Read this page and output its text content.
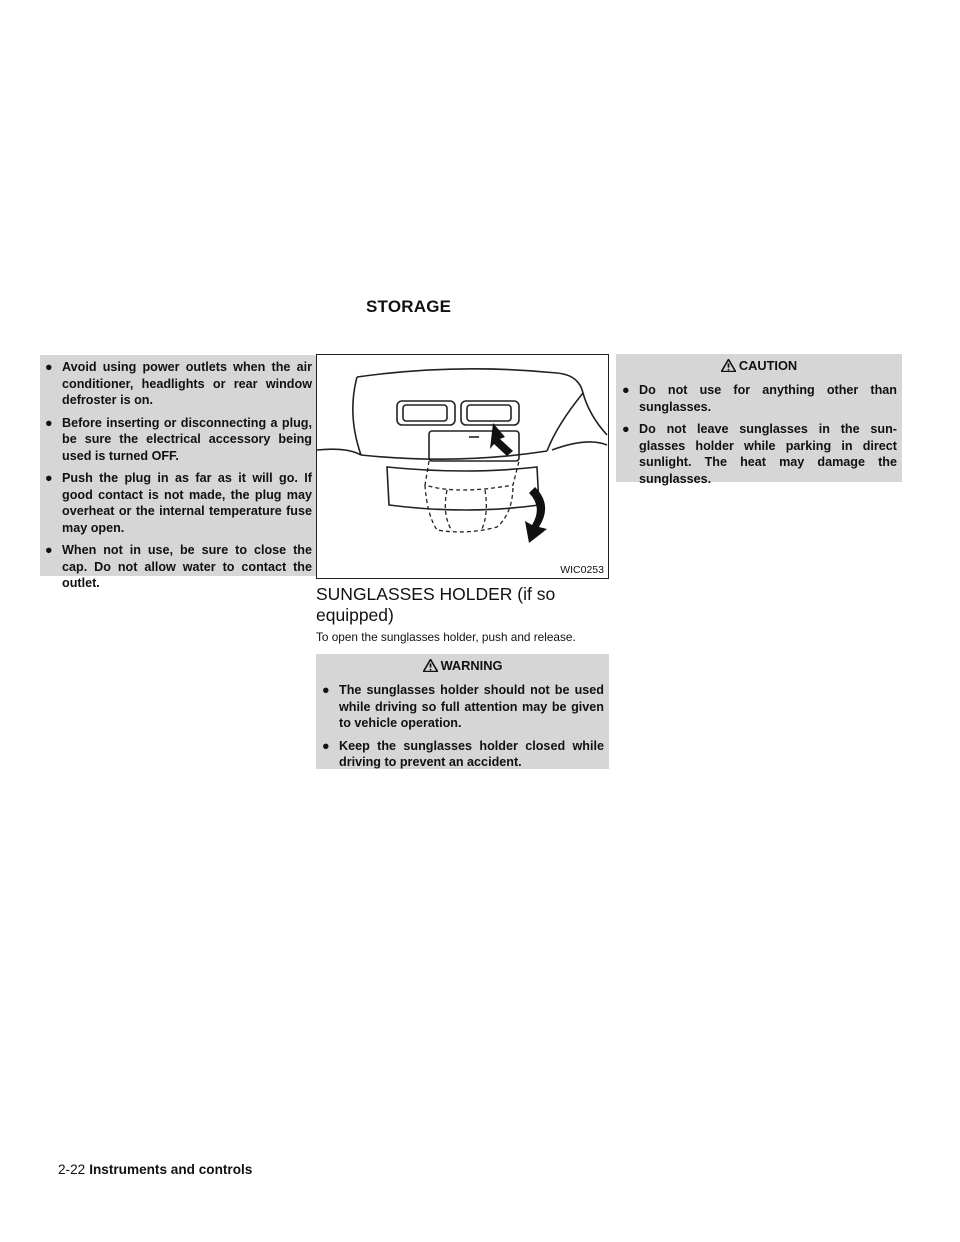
STORAGE
● Avoid using power outlets when the air conditioner, headlights or rear window defroster is on.
● Before inserting or disconnecting a plug, be sure the electrical accessory being used is turned OFF.
● Push the plug in as far as it will go. If good contact is not made, the plug may overheat or the internal temperature fuse may open.
● When not in use, be sure to close the cap. Do not allow water to contact the outlet.
WIC0253
SUNGLASSES HOLDER (if so equipped)
To open the sunglasses holder, push and release.
WARNING
● The sunglasses holder should not be used while driving so full attention may be given to vehicle operation.
● Keep the sunglasses holder closed while driving to prevent an accident.
CAUTION
● Do not use for anything other than sunglasses.
● Do not leave sunglasses in the sun-glasses holder while parking in direct sunlight. The heat may damage the sunglasses.
2-22 Instruments and controls
